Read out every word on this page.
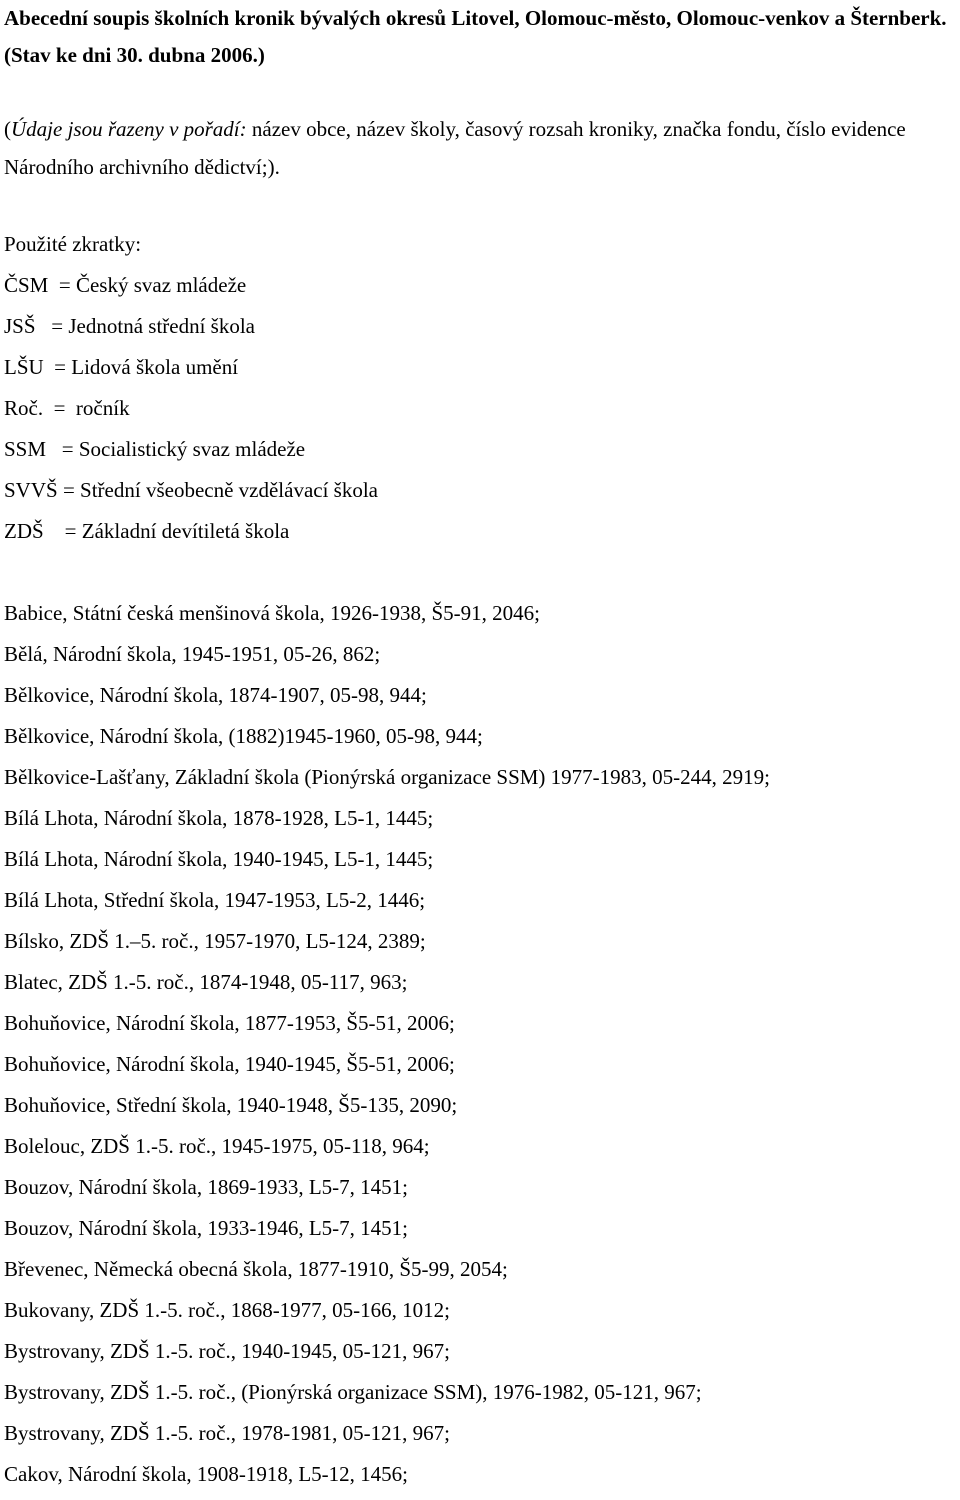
Abecední soupis školních kronik bývalých okresů Litovel, Olomouc-město, Olomouc-venkov a Šternberk. (Stav ke dni 30. dubna 2006.)

(Údaje jsou řazeny v pořadí: název obce, název školy, časový rozsah kroniky, značka fondu, číslo evidence Národního archivního dědictví;).

Použité zkratky:

ČSM  = Český svaz mládeže
JSŠ   = Jednotná střední škola
LŠU  = Lidová škola umění
Roč.  =  ročník
SSM   = Socialistický svaz mládeže
SVVŠ = Střední všeobecně vzdělávací škola
ZDŠ    = Základní devítiletá škola
Babice, Státní česká menšinová škola, 1926-1938, Š5-91, 2046;
Bělá, Národní škola, 1945-1951, 05-26, 862;
Bělkovice, Národní škola, 1874-1907, 05-98, 944;
Bělkovice, Národní škola, (1882)1945-1960, 05-98, 944;
Bělkovice-Lašťany, Základní škola (Pionýrská organizace SSM) 1977-1983, 05-244, 2919;
Bílá Lhota, Národní škola, 1878-1928, L5-1, 1445;
Bílá Lhota, Národní škola, 1940-1945, L5-1, 1445;
Bílá Lhota, Střední škola, 1947-1953, L5-2, 1446;
Bílsko, ZDŠ 1.–5. roč., 1957-1970, L5-124, 2389;
Blatec, ZDŠ 1.-5. roč., 1874-1948, 05-117, 963;
Bohuňovice, Národní škola, 1877-1953, Š5-51, 2006;
Bohuňovice, Národní škola, 1940-1945, Š5-51, 2006;
Bohuňovice, Střední škola, 1940-1948, Š5-135, 2090;
Bolelouc, ZDŠ 1.-5. roč., 1945-1975, 05-118, 964;
Bouzov, Národní škola, 1869-1933, L5-7, 1451;
Bouzov, Národní škola, 1933-1946, L5-7, 1451;
Břevenec, Německá obecná škola, 1877-1910, Š5-99, 2054;
Bukovany, ZDŠ 1.-5. roč., 1868-1977, 05-166, 1012;
Bystrovany, ZDŠ 1.-5. roč., 1940-1945, 05-121, 967;
Bystrovany, ZDŠ 1.-5. roč., (Pionýrská organizace SSM), 1976-1982, 05-121, 967;
Bystrovany, ZDŠ 1.-5. roč., 1978-1981, 05-121, 967;
Cakov, Národní škola, 1908-1918, L5-12, 1456;
